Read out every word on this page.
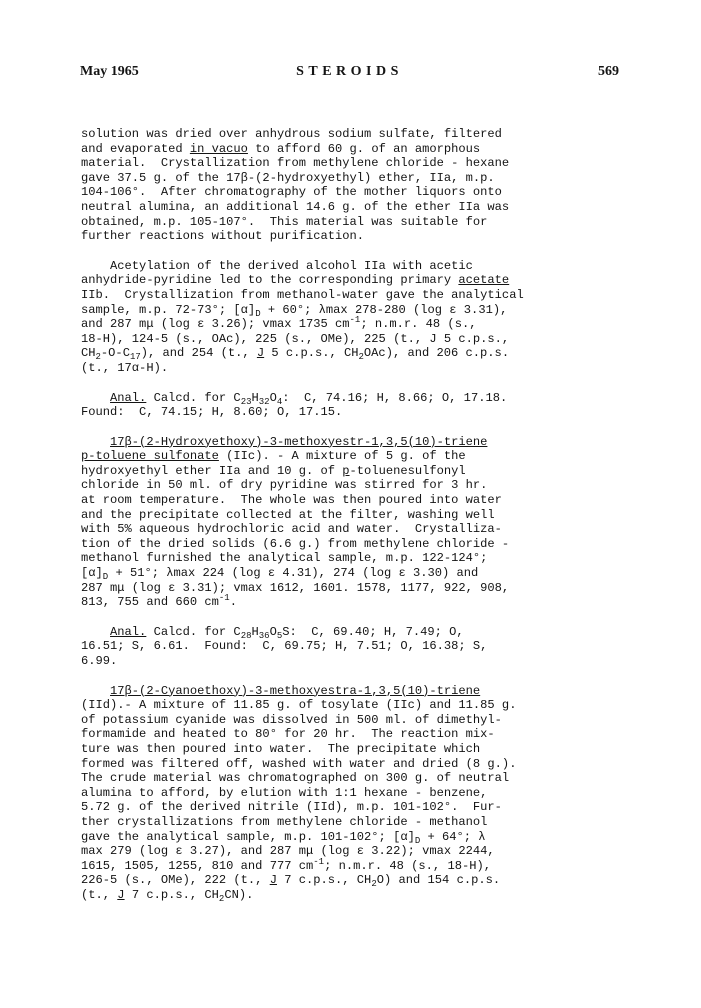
May 1965	STEROIDS	569

solution was dried over anhydrous sodium sulfate, filtered

and evaporated in vacuo to afford 60 g. of an amorphous

material.  Crystallization from methylene chloride - hexane

gave 37.5 g. of the 17β-(2-hydroxyethyl) ether, IIa, m.p.

104-106°.  After chromatography of the mother liquors onto

neutral alumina, an additional 14.6 g. of the ether IIa was

obtained, m.p. 105-107°.  This material was suitable for

further reactions without purification.

Acetylation of the derived alcohol IIa with acetic

anhydride-pyridine led to the corresponding primary acetate

IIb.  Crystallization from methanol-water gave the analytical

sample, m.p. 72-73°; $[\alpha]_D + 60^\circ$; λmax 278-280 (log ε 3.31),

and 287 mμ (log ε 3.26); vmax 1735 $cm^{-1}$; n.m.r. 48 (s.,

18-H), 124-5 (s., OAc), 225 (s., OMe), 225 (t., J 5 c.p.s.,

$CH_2-O-C_{17}$), and 254 (t., J 5 c.p.s., $CH_2OAc$), and 206 c.p.s.

(t., 17α-H).

Anal. Calcd. for $C_{23}H_{32}O_4$:  C, 74.16; H, 8.66; O, 17.18.

Found:  C, 74.15; H, 8.60; O, 17.15.

17β-(2-Hydroxyethoxy)-3-methoxyestr-1,3,5(10)-triene

p-toluene sulfonate (IIc). - A mixture of 5 g. of the

hydroxyethyl ether IIa and 10 g. of p-toluenesulfonyl

chloride in 50 ml. of dry pyridine was stirred for 3 hr.

at room temperature.  The whole was then poured into water

and the precipitate collected at the filter, washing well

with 5% aqueous hydrochloric acid and water.  Crystalliza-

tion of the dried solids (6.6 g.) from methylene chloride -

methanol furnished the analytical sample, m.p. 122-124°;

$[\alpha]_D + 51^\circ$; λmax 224 (log ε 4.31), 274 (log ε 3.30) and

287 mμ (log ε 3.31); vmax 1612, 1601. 1578, 1177, 922, 908,

813, 755 and 660 $cm^{-1}$.

Anal. Calcd. for $C_{28}H_{36}O_5S$:  C, 69.40; H, 7.49; O,

16.51; S, 6.61.  Found:  C, 69.75; H, 7.51; O, 16.38; S,

6.99.

17β-(2-Cyanoethoxy)-3-methoxyestra-1,3,5(10)-triene

(IId).- A mixture of 11.85 g. of tosylate (IIc) and 11.85 g.

of potassium cyanide was dissolved in 500 ml. of dimethyl-

formamide and heated to 80° for 20 hr.  The reaction mix-

ture was then poured into water.  The precipitate which

formed was filtered off, washed with water and dried (8 g.).

The crude material was chromatographed on 300 g. of neutral

alumina to afford, by elution with 1:1 hexane - benzene,

5.72 g. of the derived nitrile (IId), m.p. 101-102°.  Fur-

ther crystallizations from methylene chloride - methanol

gave the analytical sample, m.p. 101-102°; $[\alpha]_D + 64^\circ$; λ

max 279 (log ε 3.27), and 287 mμ (log ε 3.22); vmax 2244,

1615, 1505, 1255, 810 and 777 $cm^{-1}$; n.m.r. 48 (s., 18-H),

226-5 (s., OMe), 222 (t., J 7 c.p.s., $CH_2O$) and 154 c.p.s.

(t., J 7 c.p.s., $CH_2CN$).
